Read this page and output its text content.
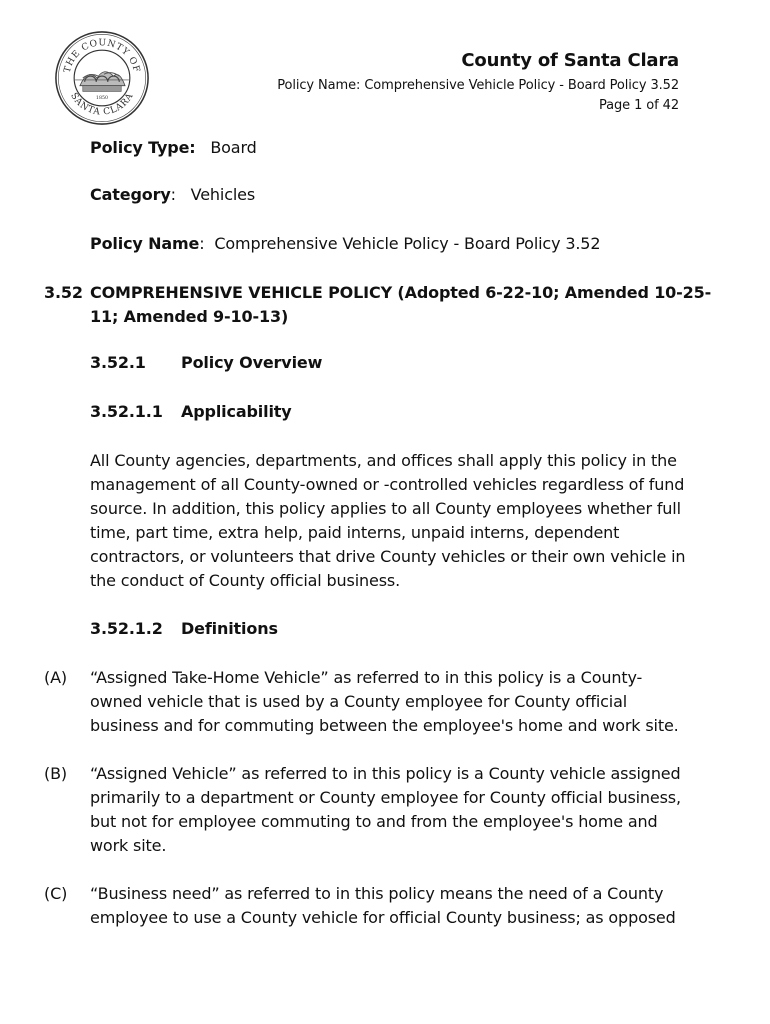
THE COUNTY OF
SANTA CLARA
1850
County of Santa Clara
Policy Name: Comprehensive Vehicle Policy - Board Policy 3.52
Page 1 of 42
Policy Type: Board
Category:   Vehicles
Policy Name:  Comprehensive Vehicle Policy - Board Policy 3.52
3.52 COMPREHENSIVE VEHICLE POLICY (Adopted 6-22-10; Amended 10-25-
11; Amended 9-10-13)
3.52.1 Policy Overview
3.52.1.1 Applicability
All County agencies, departments, and offices shall apply this policy in the
management of all County-owned or -controlled vehicles regardless of fund
source. In addition, this policy applies to all County employees whether full
time, part time, extra help, paid interns, unpaid interns, dependent
contractors, or volunteers that drive County vehicles or their own vehicle in
the conduct of County official business.
3.52.1.2 Definitions
(A) “Assigned Take-Home Vehicle” as referred to in this policy is a County-
owned vehicle that is used by a County employee for County official
business and for commuting between the employee's home and work site.
(B) “Assigned Vehicle” as referred to in this policy is a County vehicle assigned
primarily to a department or County employee for County official business,
but not for employee commuting to and from the employee's home and
work site.
(C) “Business need” as referred to in this policy means the need of a County
employee to use a County vehicle for official County business; as opposed
